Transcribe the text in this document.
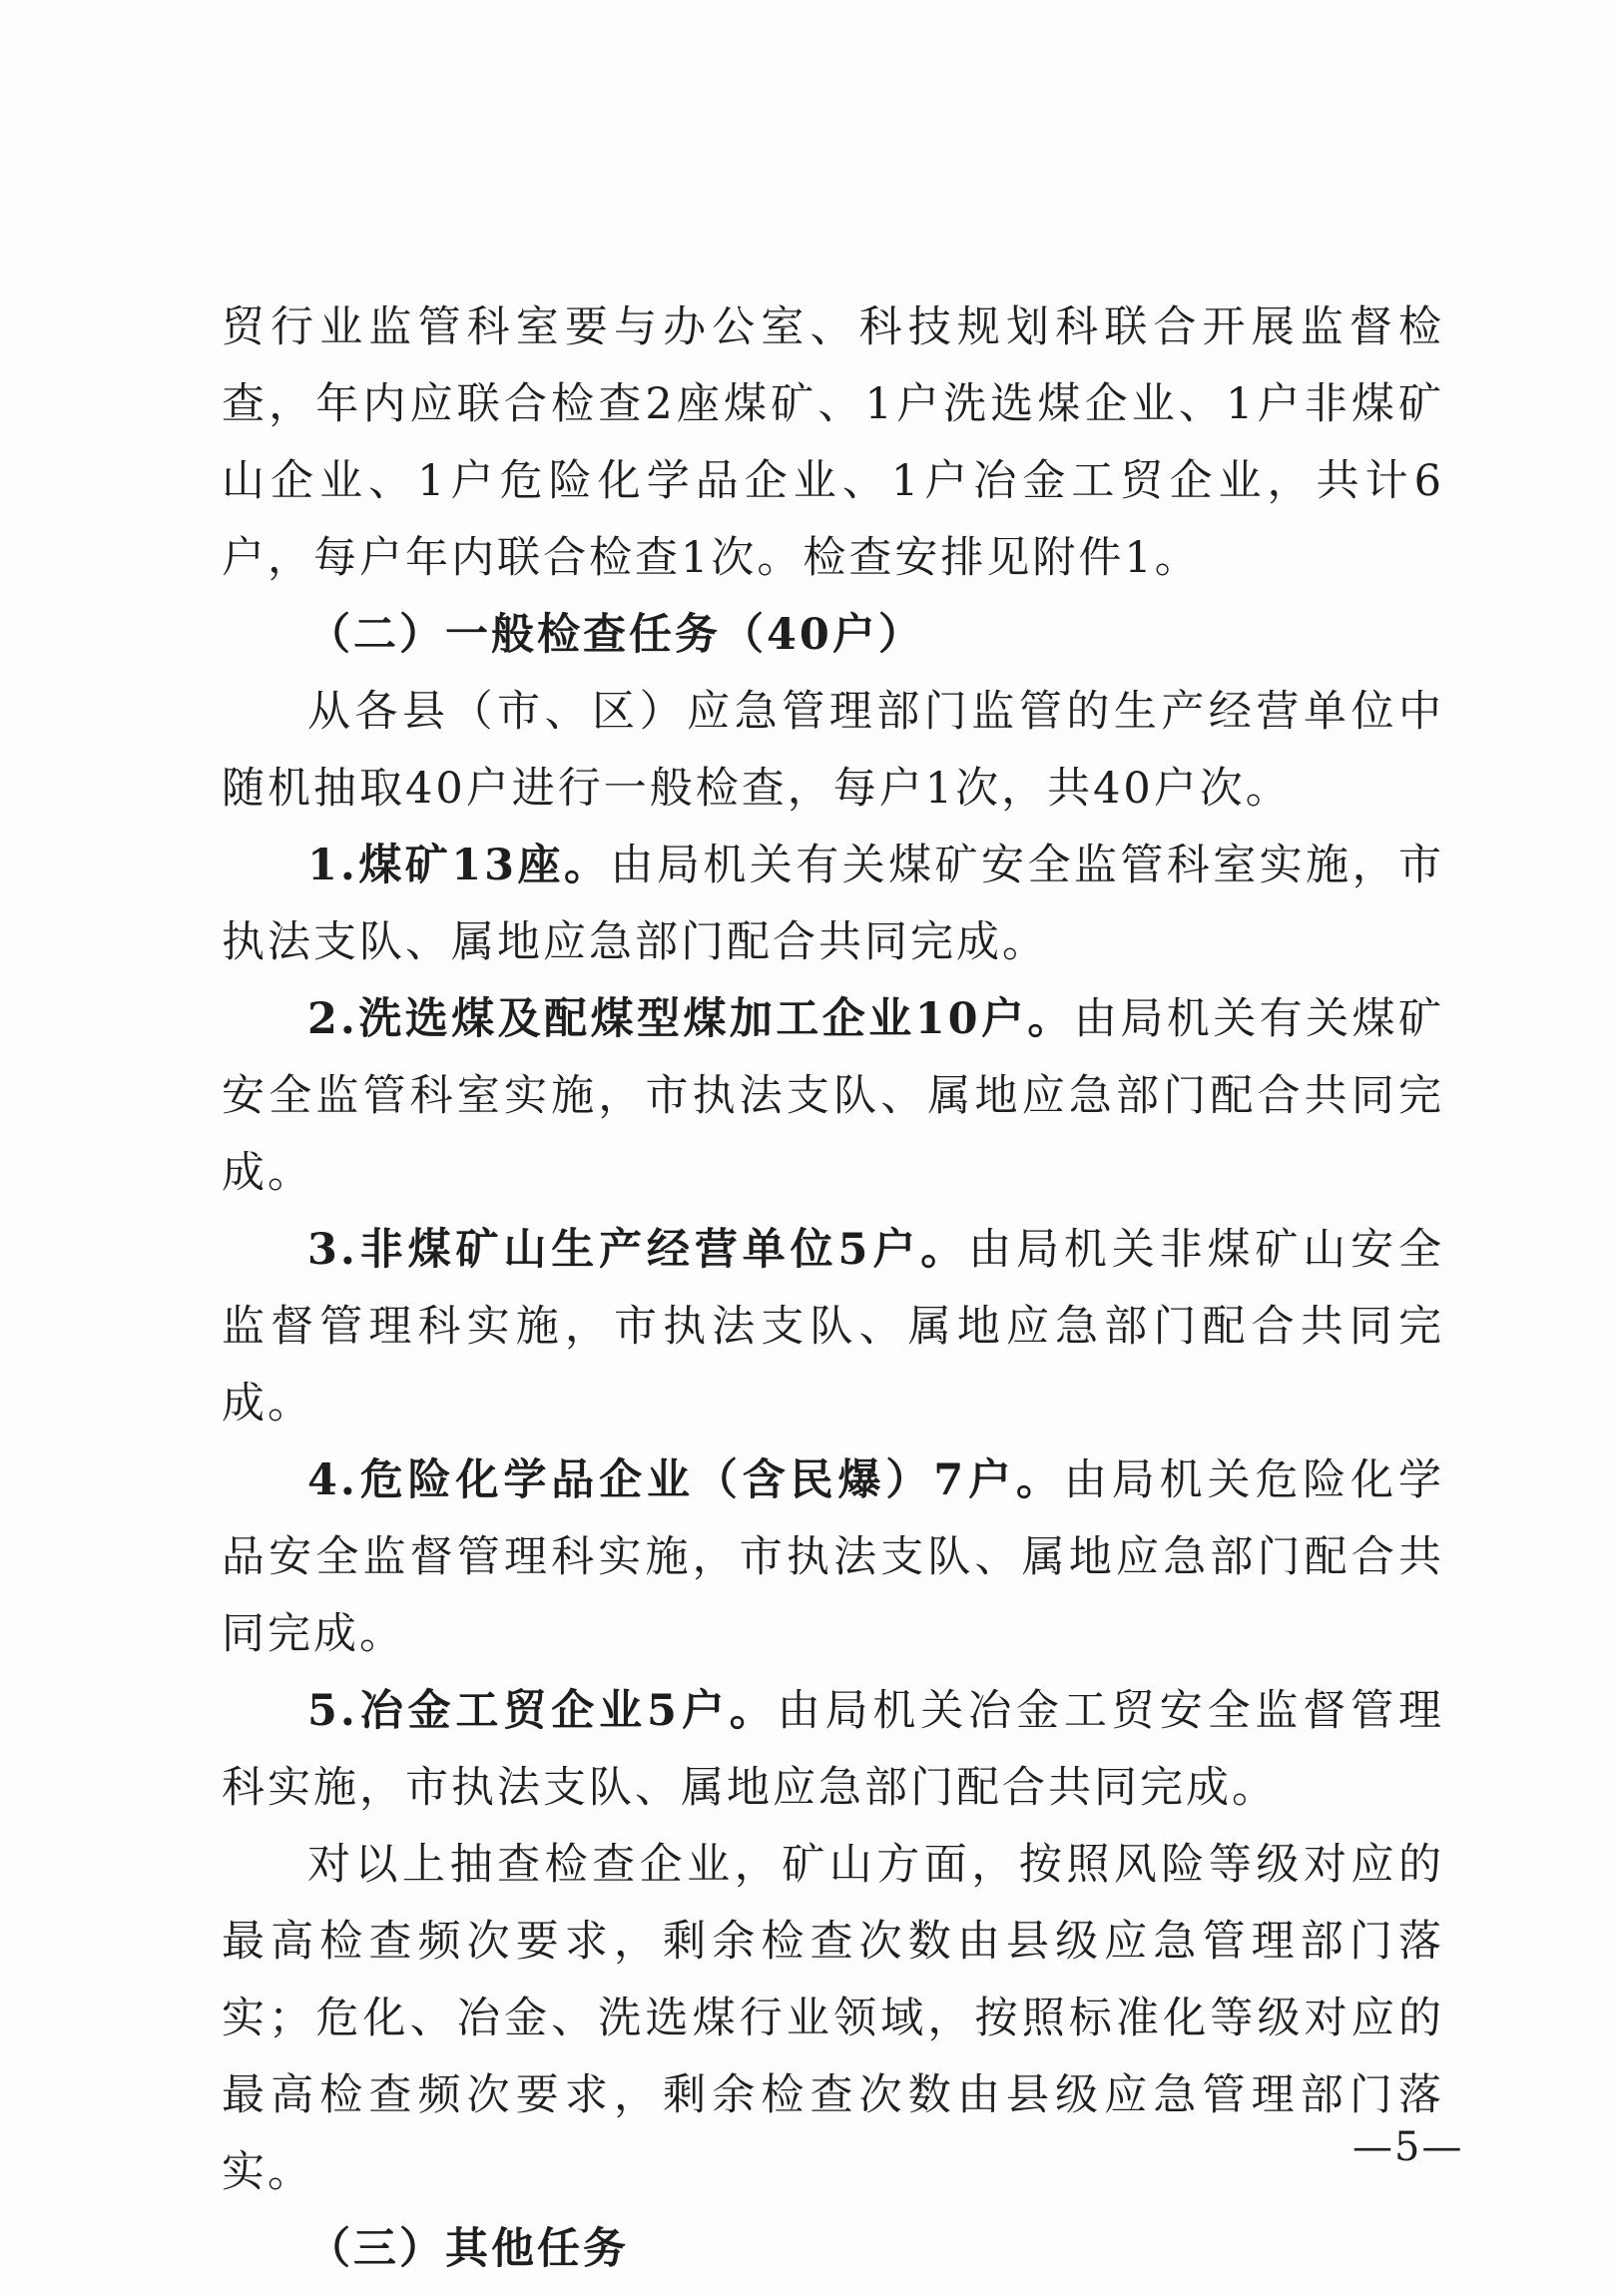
贸行业监管科室要与办公室、科技规划科联合开展监督检查，年内应联合检查2座煤矿、1户洗选煤企业、1户非煤矿山企业、1户危险化学品企业、1户冶金工贸企业，共计6户，每户年内联合检查1次。检查安排见附件1。

（二）一般检查任务（40户）

从各县（市、区）应急管理部门监管的生产经营单位中随机抽取40户进行一般检查，每户1次，共40户次。

1.煤矿13座。由局机关有关煤矿安全监管科室实施，市执法支队、属地应急部门配合共同完成。

2.洗选煤及配煤型煤加工企业10户。由局机关有关煤矿安全监管科室实施，市执法支队、属地应急部门配合共同完成。

3.非煤矿山生产经营单位5户。由局机关非煤矿山安全监督管理科实施，市执法支队、属地应急部门配合共同完成。

4.危险化学品企业（含民爆）7户。由局机关危险化学品安全监督管理科实施，市执法支队、属地应急部门配合共同完成。

5.冶金工贸企业5户。由局机关冶金工贸安全监督管理科实施，市执法支队、属地应急部门配合共同完成。

对以上抽查检查企业，矿山方面，按照风险等级对应的最高检查频次要求，剩余检查次数由县级应急管理部门落实；危化、冶金、洗选煤行业领域，按照标准化等级对应的最高检查频次要求，剩余检查次数由县级应急管理部门落实。

（三）其他任务

—5—
